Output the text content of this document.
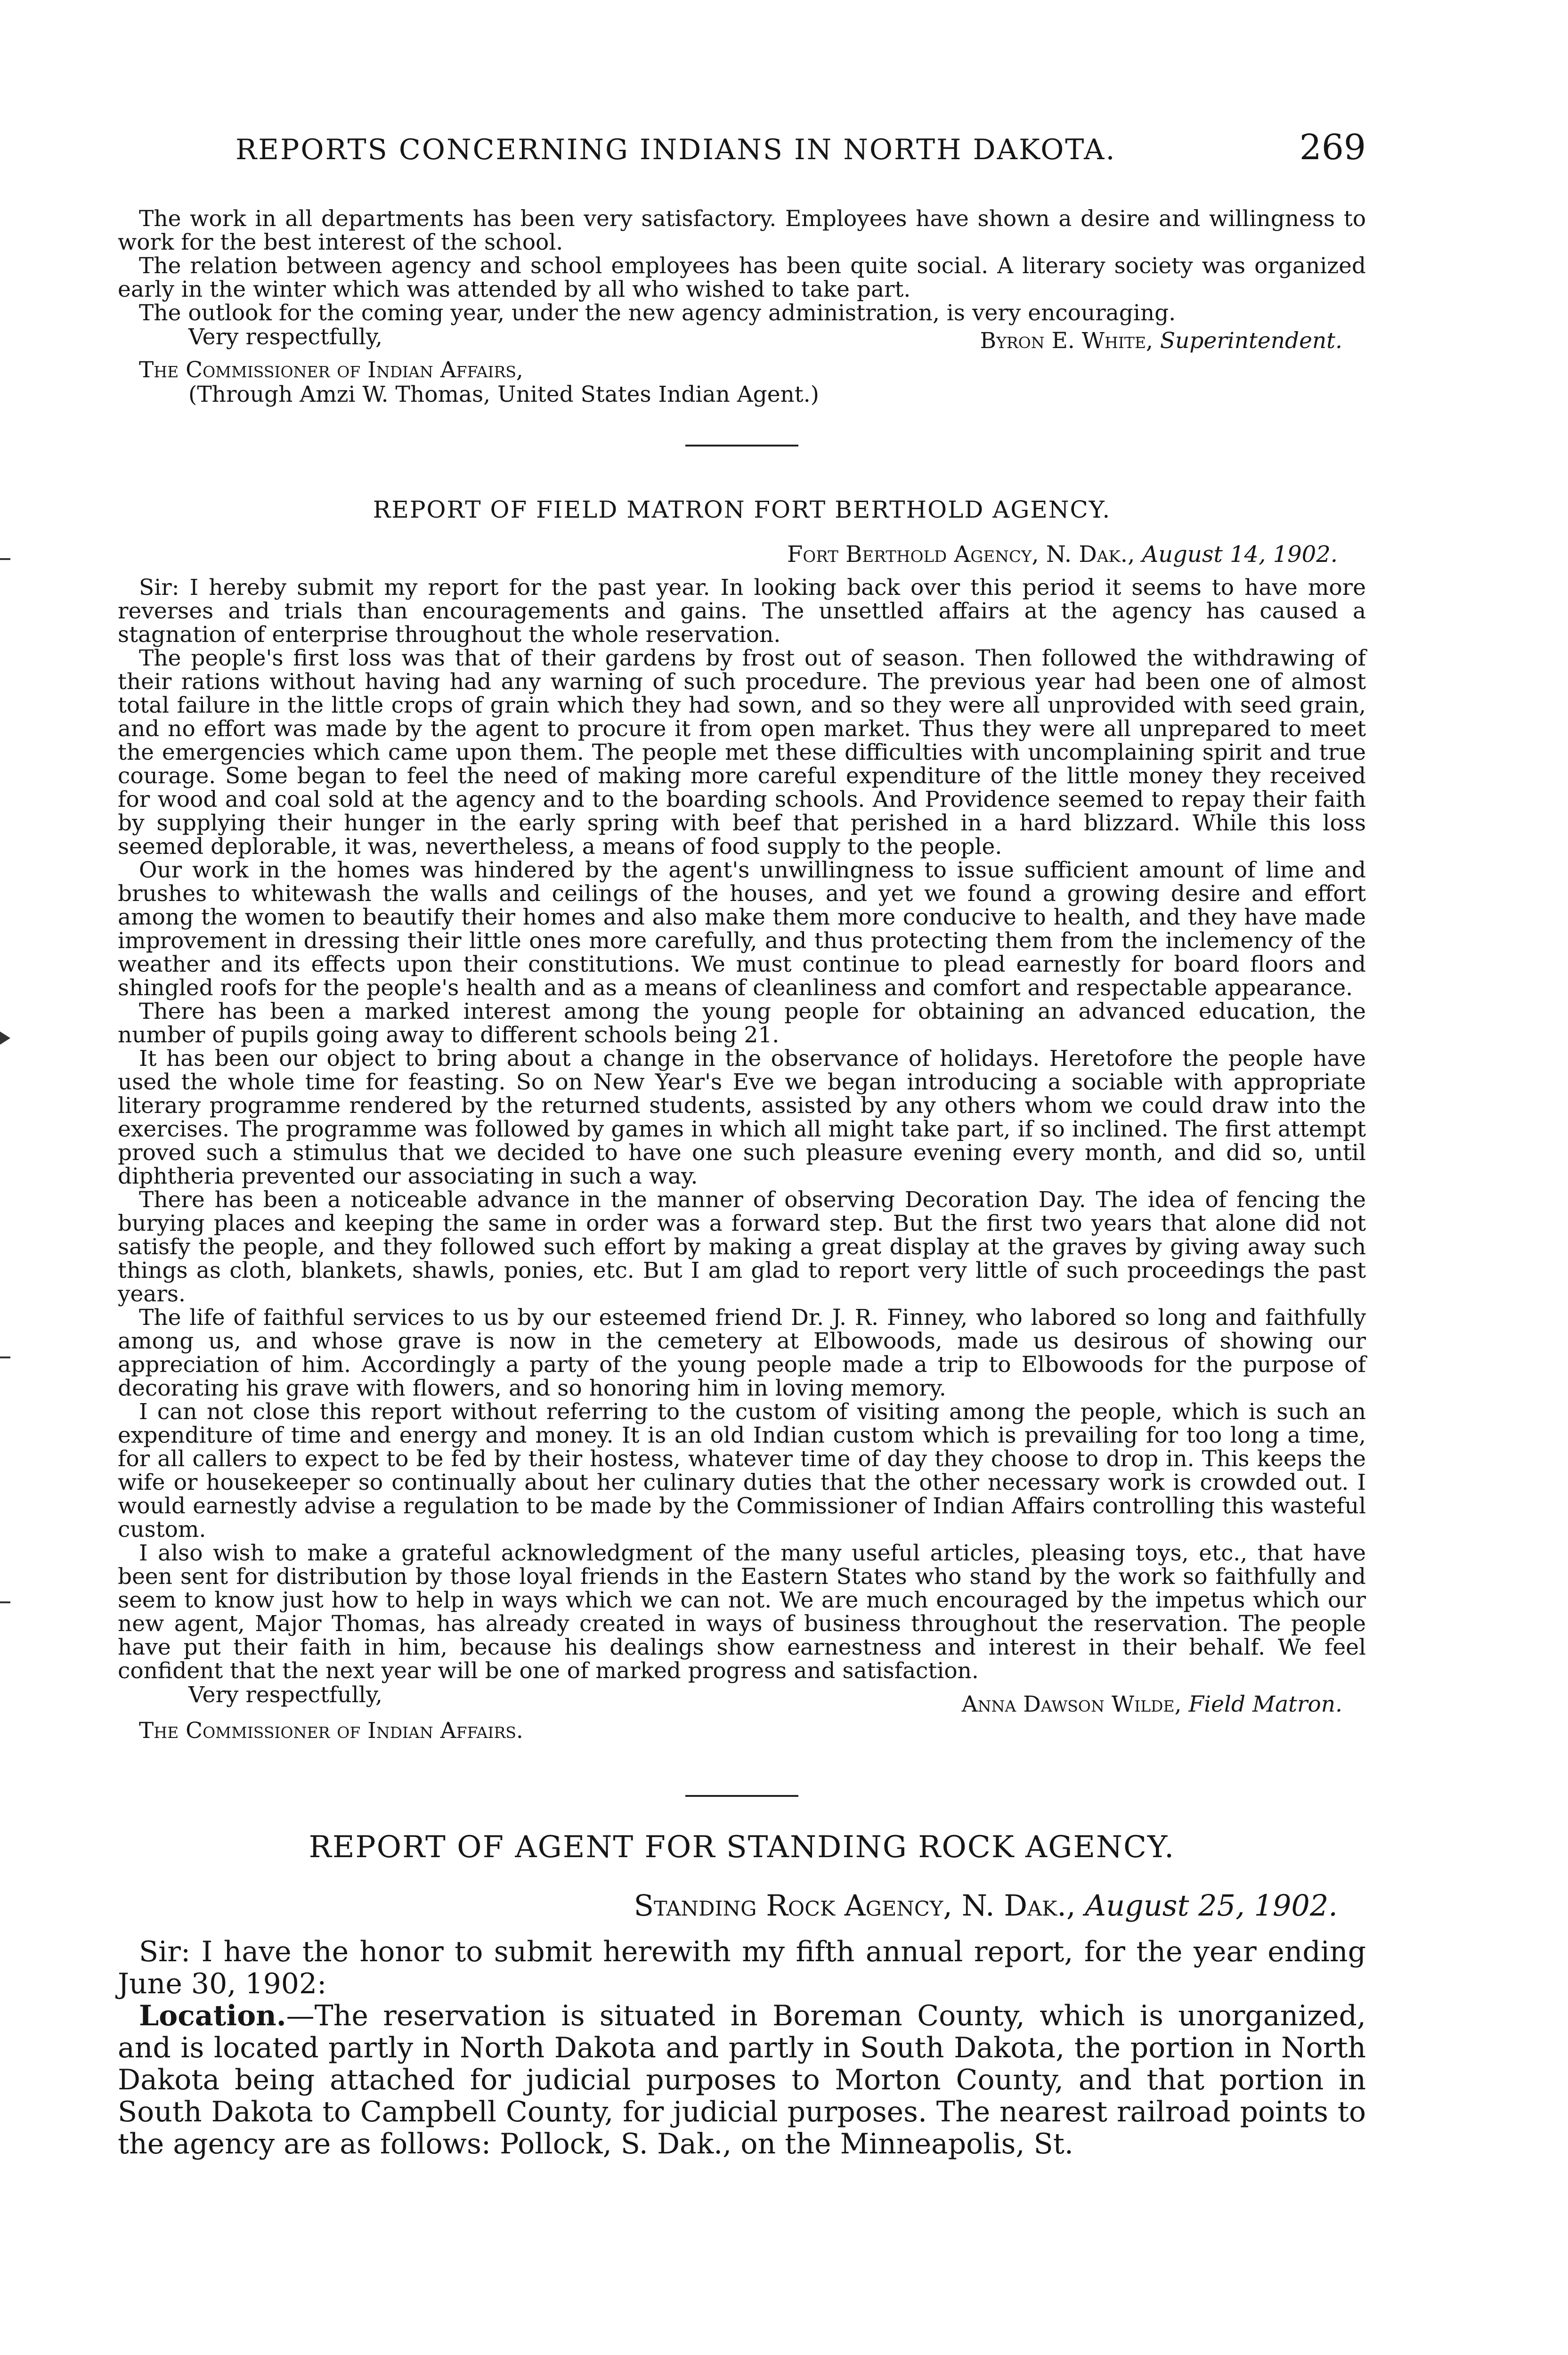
REPORTS CONCERNING INDIANS IN NORTH DAKOTA.	269

The work in all departments has been very satisfactory. Employees have shown a desire and willingness to work for the best interest of the school.

The relation between agency and school employees has been quite social. A literary society was organized early in the winter which was attended by all who wished to take part.

The outlook for the coming year, under the new agency administration, is very encouraging.

Very respectfully,	Byron E. White, Superintendent.

The Commissioner of Indian Affairs,

(Through Amzi W. Thomas, United States Indian Agent.)

REPORT OF FIELD MATRON FORT BERTHOLD AGENCY.
Fort Berthold Agency, N. Dak., August 14, 1902.

Sir: I hereby submit my report for the past year. In looking back over this period it seems to have more reverses and trials than encouragements and gains. The unsettled affairs at the agency has caused a stagnation of enterprise throughout the whole reservation.

The people's first loss was that of their gardens by frost out of season. Then followed the withdrawing of their rations without having had any warning of such procedure. The previous year had been one of almost total failure in the little crops of grain which they had sown, and so they were all unprovided with seed grain, and no effort was made by the agent to procure it from open market. Thus they were all unprepared to meet the emergencies which came upon them. The people met these difficulties with uncomplaining spirit and true courage. Some began to feel the need of making more careful expenditure of the little money they received for wood and coal sold at the agency and to the boarding schools. And Providence seemed to repay their faith by supplying their hunger in the early spring with beef that perished in a hard blizzard. While this loss seemed deplorable, it was, nevertheless, a means of food supply to the people.

Our work in the homes was hindered by the agent's unwillingness to issue sufficient amount of lime and brushes to whitewash the walls and ceilings of the houses, and yet we found a growing desire and effort among the women to beautify their homes and also make them more conducive to health, and they have made improvement in dressing their little ones more carefully, and thus protecting them from the inclemency of the weather and its effects upon their constitutions. We must continue to plead earnestly for board floors and shingled roofs for the people's health and as a means of cleanliness and comfort and respectable appearance.

There has been a marked interest among the young people for obtaining an advanced education, the number of pupils going away to different schools being 21.

It has been our object to bring about a change in the observance of holidays. Heretofore the people have used the whole time for feasting. So on New Year's Eve we began introducing a sociable with appropriate literary programme rendered by the returned students, assisted by any others whom we could draw into the exercises. The programme was followed by games in which all might take part, if so inclined. The first attempt proved such a stimulus that we decided to have one such pleasure evening every month, and did so, until diphtheria prevented our associating in such a way.

There has been a noticeable advance in the manner of observing Decoration Day. The idea of fencing the burying places and keeping the same in order was a forward step. But the first two years that alone did not satisfy the people, and they followed such effort by making a great display at the graves by giving away such things as cloth, blankets, shawls, ponies, etc. But I am glad to report very little of such proceedings the past years.

The life of faithful services to us by our esteemed friend Dr. J. R. Finney, who labored so long and faithfully among us, and whose grave is now in the cemetery at Elbowoods, made us desirous of showing our appreciation of him. Accordingly a party of the young people made a trip to Elbowoods for the purpose of decorating his grave with flowers, and so honoring him in loving memory.

I can not close this report without referring to the custom of visiting among the people, which is such an expenditure of time and energy and money. It is an old Indian custom which is prevailing for too long a time, for all callers to expect to be fed by their hostess, whatever time of day they choose to drop in. This keeps the wife or housekeeper so continually about her culinary duties that the other necessary work is crowded out. I would earnestly advise a regulation to be made by the Commissioner of Indian Affairs controlling this wasteful custom.

I also wish to make a grateful acknowledgment of the many useful articles, pleasing toys, etc., that have been sent for distribution by those loyal friends in the Eastern States who stand by the work so faithfully and seem to know just how to help in ways which we can not. We are much encouraged by the impetus which our new agent, Major Thomas, has already created in ways of business throughout the reservation. The people have put their faith in him, because his dealings show earnestness and interest in their behalf. We feel confident that the next year will be one of marked progress and satisfaction.

Very respectfully,	Anna Dawson Wilde, Field Matron.

The Commissioner of Indian Affairs.

REPORT OF AGENT FOR STANDING ROCK AGENCY.
Standing Rock Agency, N. Dak., August 25, 1902.

Sir: I have the honor to submit herewith my fifth annual report, for the year ending June 30, 1902:

Location.—The reservation is situated in Boreman County, which is unorganized, and is located partly in North Dakota and partly in South Dakota, the portion in North Dakota being attached for judicial purposes to Morton County, and that portion in South Dakota to Campbell County, for judicial purposes. The nearest railroad points to the agency are as follows: Pollock, S. Dak., on the Minneapolis, St.
